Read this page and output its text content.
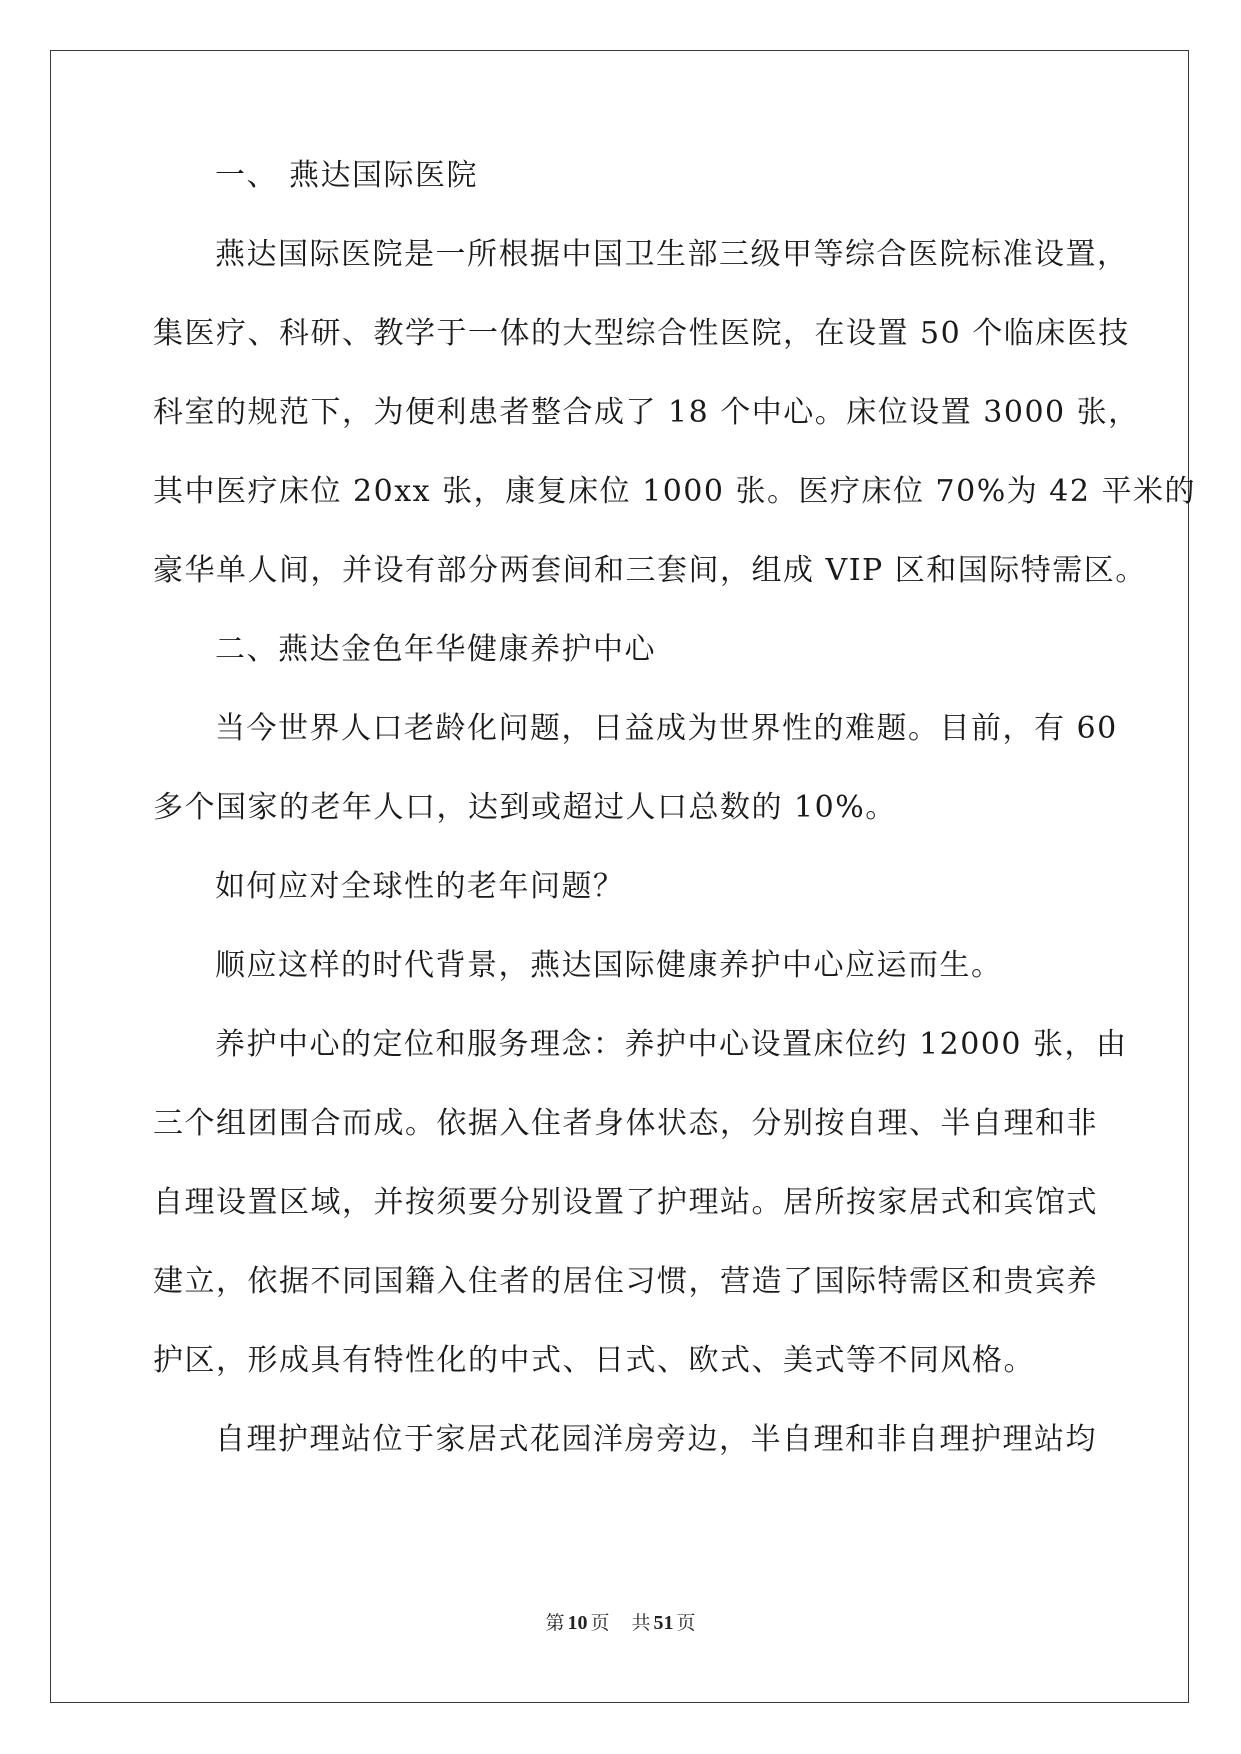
一、 燕达国际医院

燕达国际医院是一所根据中国卫生部三级甲等综合医院标准设置，

集医疗、科研、教学于一体的大型综合性医院，在设置 50 个临床医技

科室的规范下，为便利患者整合成了 18 个中心。床位设置 3000 张，

其中医疗床位 20xx 张，康复床位 1000 张。医疗床位 70%为 42 平米的

豪华单人间，并设有部分两套间和三套间，组成 VIP 区和国际特需区。

二、燕达金色年华健康养护中心

当今世界人口老龄化问题，日益成为世界性的难题。目前，有 60

多个国家的老年人口，达到或超过人口总数的 10%。

如何应对全球性的老年问题？

顺应这样的时代背景，燕达国际健康养护中心应运而生。

养护中心的定位和服务理念：养护中心设置床位约 12000 张，由

三个组团围合而成。依据入住者身体状态，分别按自理、半自理和非

自理设置区域，并按须要分别设置了护理站。居所按家居式和宾馆式

建立，依据不同国籍入住者的居住习惯，营造了国际特需区和贵宾养

护区，形成具有特性化的中式、日式、欧式、美式等不同风格。

自理护理站位于家居式花园洋房旁边，半自理和非自理护理站均

第 10 页 共 51 页
